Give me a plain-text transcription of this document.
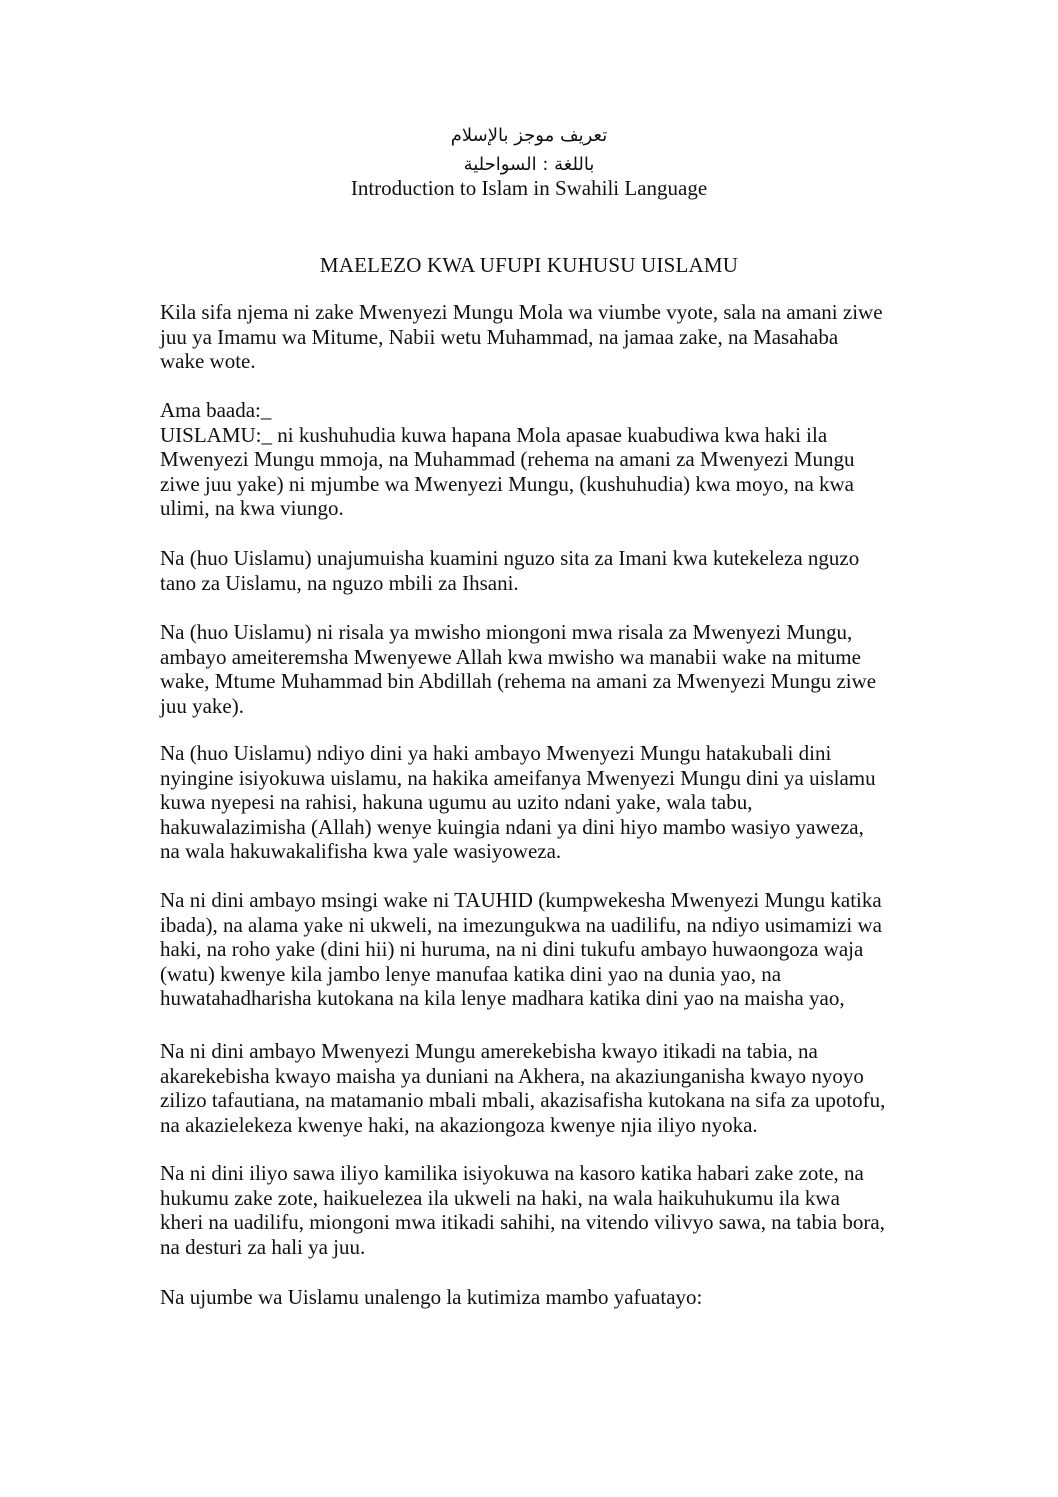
تعريف موجز بالإسلام
باللغة : السواحلية
Introduction to Islam in Swahili Language
MAELEZO KWA UFUPI KUHUSU UISLAMU
Kila sifa njema ni zake Mwenyezi Mungu Mola wa viumbe vyote, sala na amani ziwe
juu ya Imamu wa Mitume, Nabii wetu Muhammad, na jamaa zake, na Masahaba
wake wote.
Ama baada:_
UISLAMU:_ ni kushuhudia kuwa hapana Mola apasae kuabudiwa kwa haki ila
Mwenyezi Mungu mmoja, na Muhammad (rehema na amani za Mwenyezi Mungu
ziwe juu yake) ni mjumbe wa Mwenyezi Mungu, (kushuhudia) kwa moyo, na kwa
ulimi, na kwa viungo.
Na (huo Uislamu) unajumuisha kuamini nguzo sita za Imani kwa kutekeleza nguzo
tano za Uislamu, na nguzo mbili za Ihsani.
Na (huo Uislamu) ni risala ya mwisho miongoni mwa risala za Mwenyezi Mungu,
ambayo ameiteremsha Mwenyewe Allah kwa mwisho wa manabii wake na mitume
wake, Mtume Muhammad bin Abdillah (rehema na amani za Mwenyezi Mungu ziwe
juu yake).
Na (huo Uislamu) ndiyo dini ya haki ambayo Mwenyezi Mungu hatakubali dini
nyingine isiyokuwa uislamu, na hakika ameifanya Mwenyezi Mungu dini ya uislamu
kuwa nyepesi na rahisi, hakuna ugumu au uzito ndani yake, wala tabu,
hakuwalazimisha (Allah) wenye kuingia ndani ya dini hiyo mambo wasiyo yaweza,
na wala hakuwakalifisha kwa yale wasiyoweza.
Na ni dini ambayo msingi wake ni TAUHID (kumpwekesha Mwenyezi Mungu katika
ibada), na alama yake ni ukweli, na imezungukwa na uadilifu, na ndiyo usimamizi wa
haki, na roho yake (dini hii) ni huruma, na ni dini tukufu ambayo huwaongoza waja
(watu) kwenye kila jambo lenye manufaa katika dini yao na dunia yao, na
huwatahadharisha kutokana na kila lenye madhara katika dini yao na maisha yao,
Na ni dini ambayo Mwenyezi Mungu amerekebisha kwayo itikadi na tabia, na
akarekebisha kwayo maisha ya duniani na Akhera, na akaziunganisha kwayo nyoyo
zilizo tafautiana, na matamanio mbali mbali, akazisafisha kutokana na sifa za upotofu,
na akazielekeza kwenye haki, na akaziongoza kwenye njia iliyo nyoka.
Na ni dini iliyo sawa iliyo kamilika isiyokuwa na kasoro katika habari zake zote, na
hukumu zake zote, haikuelezea ila ukweli na haki, na wala haikuhukumu ila kwa
kheri na uadilifu, miongoni mwa itikadi sahihi, na vitendo vilivyo sawa, na tabia bora,
na desturi za hali ya juu.
Na ujumbe wa Uislamu unalengo la kutimiza mambo yafuatayo:
